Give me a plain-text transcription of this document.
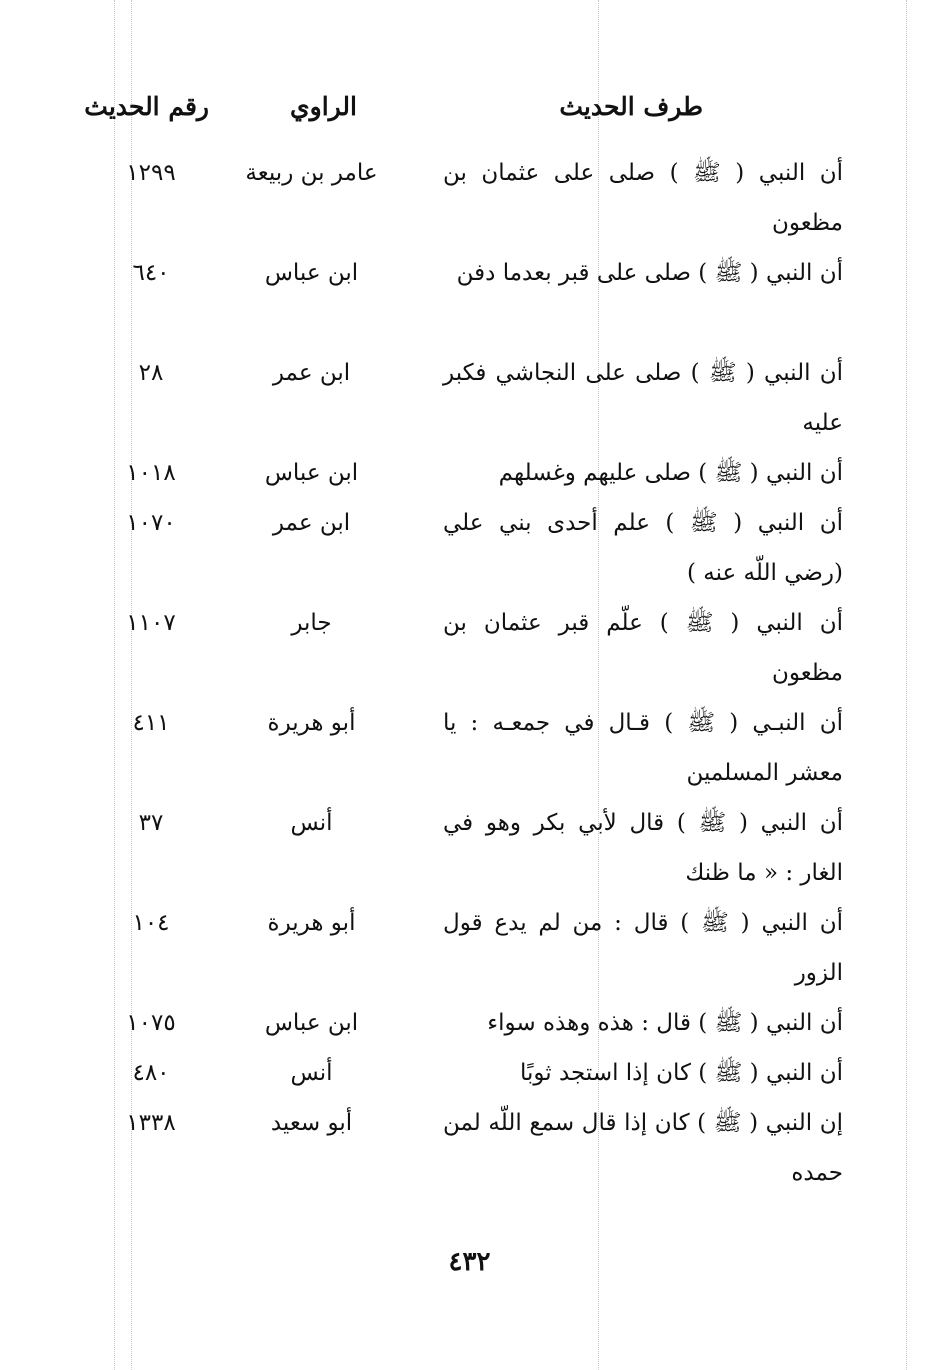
طرف الحديث
الراوي
رقم الحديث
أن النبي ( ﷺ ) صلى على عثمان بن مظعون
عامر بن ربيعة
١٢٩٩
أن النبي ( ﷺ ) صلى على قبر بعدما دفن
ابن عباس
٦٤٠
أن النبي ( ﷺ ) صلى على النجاشي فكبر عليه
ابن عمر
٢٨
أن النبي ( ﷺ ) صلى عليهم وغسلهم
ابن عباس
١٠١٨
أن النبي ( ﷺ ) علم أحدى بني علي (رضي اللّه عنه )
ابن عمر
١٠٧٠
أن النبي ( ﷺ ) علّم قبر عثمان بن مظعون
جابر
١١٠٧
أن النبـي ( ﷺ ) قـال في جمعـه : يا معشر المسلمين
أبو هريرة
٤١١
أن النبي ( ﷺ ) قال لأبي بكر وهو في الغار : « ما ظنك
أنس
٣٧
أن النبي ( ﷺ ) قال : من لم يدع قول الزور
أبو هريرة
١٠٤
أن النبي ( ﷺ ) قال : هذه وهذه سواء
ابن عباس
١٠٧٥
أن النبي ( ﷺ ) كان إذا استجد ثوبًا
أنس
٤٨٠
إن النبي ( ﷺ ) كان إذا قال سمع اللّه لمن حمده
أبو سعيد
١٣٣٨
٤٣٢
